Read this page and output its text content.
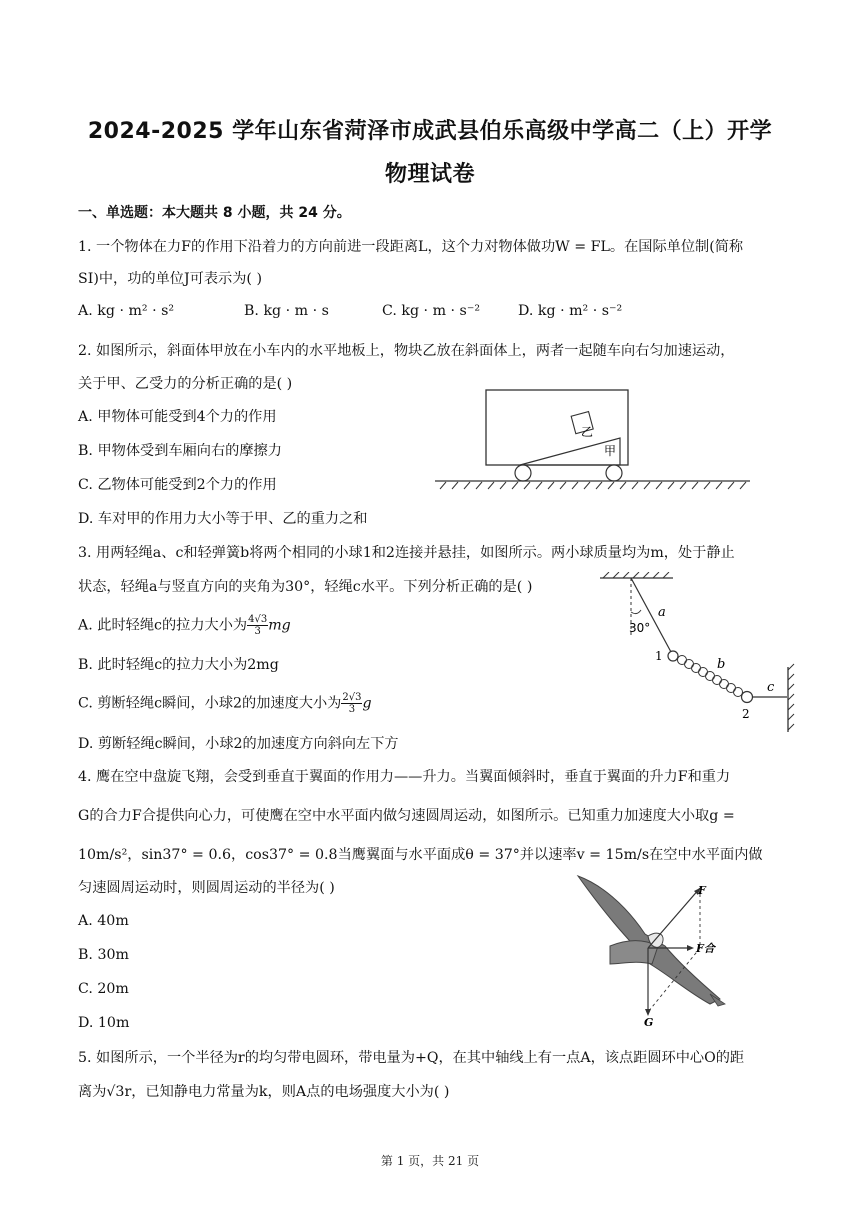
2024-2025 学年山东省菏泽市成武县伯乐高级中学高二（上）开学
物理试卷
一、单选题：本大题共 8 小题，共 24 分。
1. 一个物体在力F的作用下沿着力的方向前进一段距离L，这个力对物体做功W = FL。在国际单位制(简称
SI)中，功的单位J可表示为( )
A. kg · m² · s²	B. kg · m · s	C. kg · m · s⁻²	D. kg · m² · s⁻²
2. 如图所示，斜面体甲放在小车内的水平地板上，物块乙放在斜面体上，两者一起随车向右匀加速运动，
关于甲、乙受力的分析正确的是( )
A. 甲物体可能受到4个力的作用
B. 甲物体受到车厢向右的摩擦力
C. 乙物体可能受到2个力的作用
D. 车对甲的作用力大小等于甲、乙的重力之和
乙
甲
3. 用两轻绳a、c和轻弹簧b将两个相同的小球1和2连接并悬挂，如图所示。两小球质量均为m，处于静止
状态，轻绳a与竖直方向的夹角为30°，轻绳c水平。下列分析正确的是( )
A. 此时轻绳c的拉力大小为 $\frac{4√3}{3}$ mg
B. 此时轻绳c的拉力大小为2mg
C. 剪断轻绳c瞬间，小球2的加速度大小为 $\frac{2√3}{3}$ g
D. 剪断轻绳c瞬间，小球2的加速度方向斜向左下方
30°
a
1
b
2
c
4. 鹰在空中盘旋飞翔，会受到垂直于翼面的作用力——升力。当翼面倾斜时，垂直于翼面的升力F和重力
G的合力F合提供向心力，可使鹰在空中水平面内做匀速圆周运动，如图所示。已知重力加速度大小取g =
10m/s²，sin37° = 0.6，cos37° = 0.8当鹰翼面与水平面成θ = 37°并以速率v = 15m/s在空中水平面内做
匀速圆周运动时，则圆周运动的半径为( )
A. 40m
B. 30m
C. 20m
D. 10m
F
F合
G
5. 如图所示，一个半径为r的均匀带电圆环，带电量为+Q，在其中轴线上有一点A，该点距圆环中心O的距
离为√3r，已知静电力常量为k，则A点的电场强度大小为( )
第 1 页，共 21 页
